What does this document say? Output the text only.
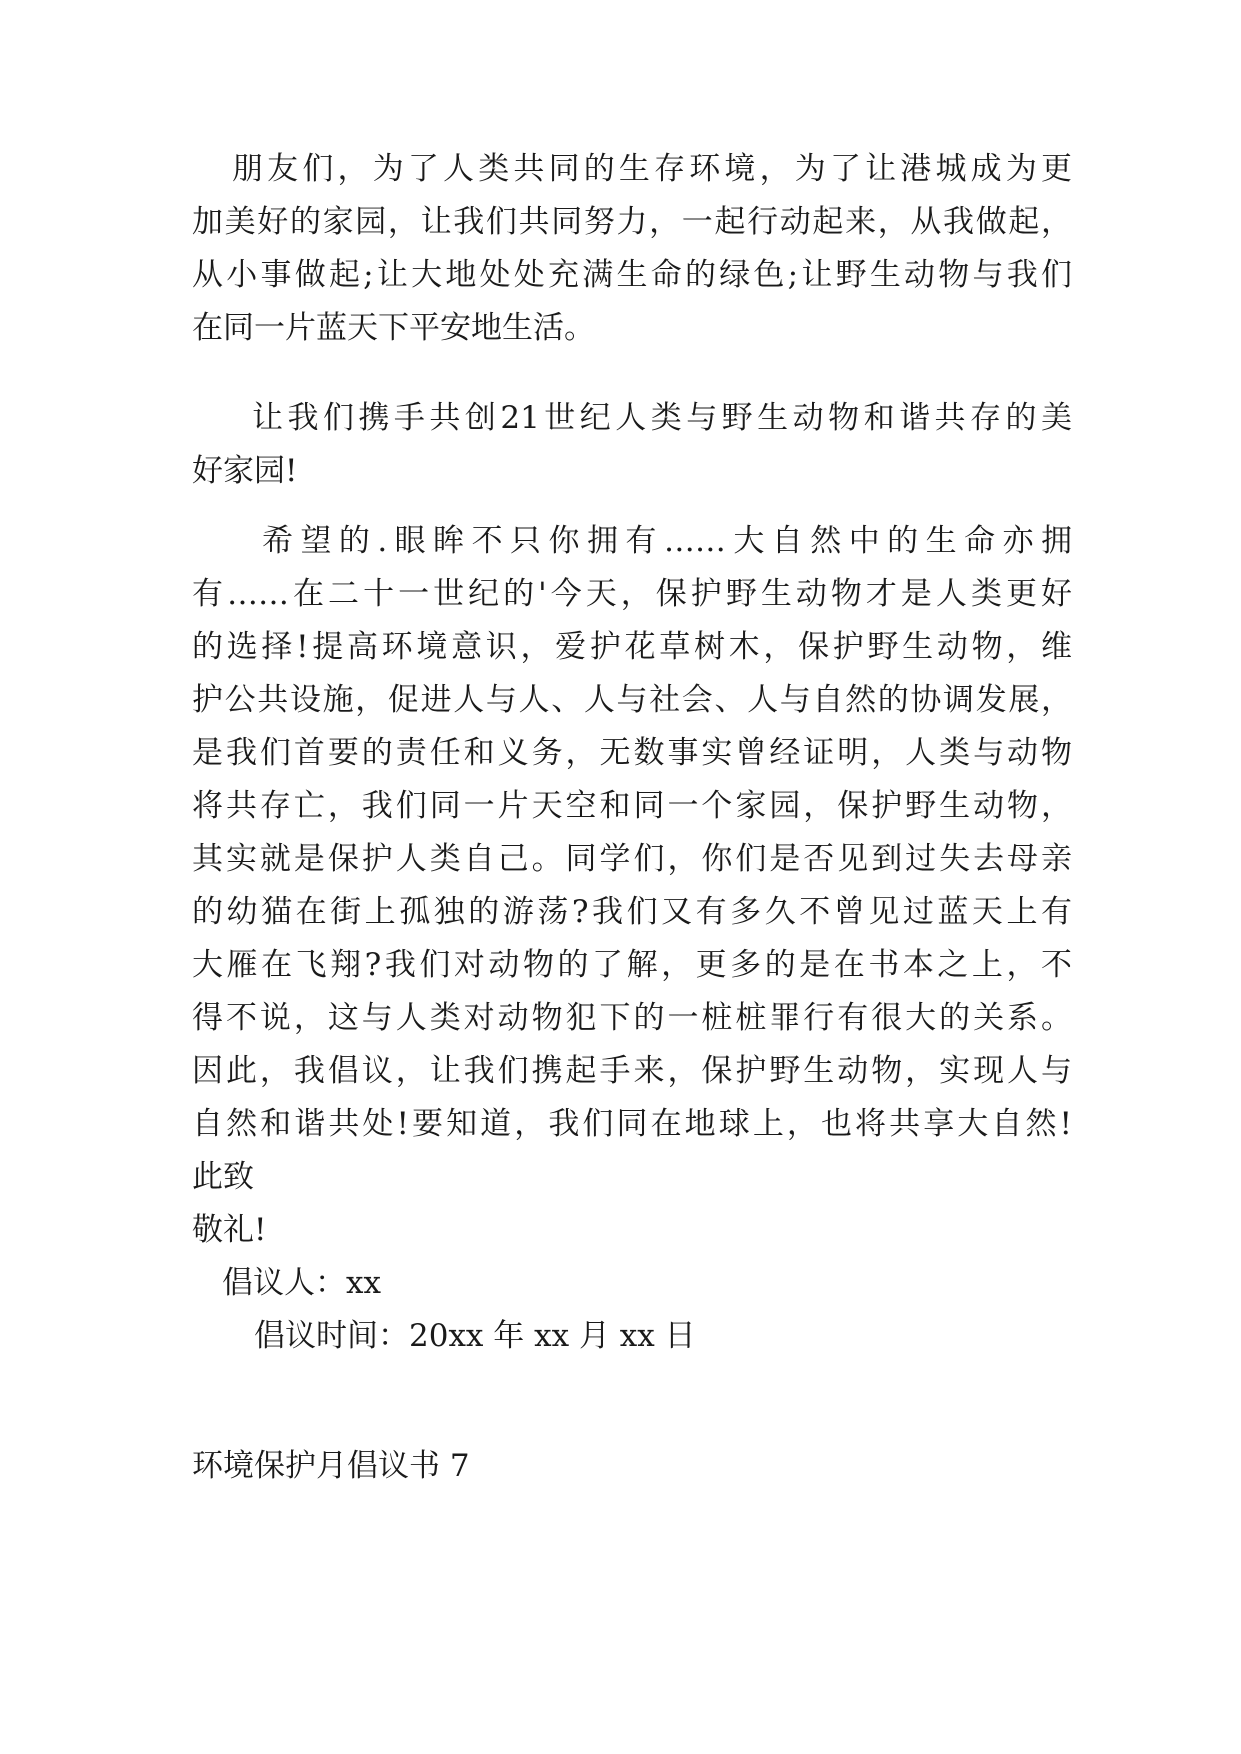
朋友们，为了人类共同的生存环境，为了让港城成为更
加美好的家园，让我们共同努力，一起行动起来，从我做起，
从小事做起;让大地处处充满生命的绿色;让野生动物与我们
在同一片蓝天下平安地生活。
让我们携手共创21世纪人类与野生动物和谐共存的美
好家园!
希望的.眼眸不只你拥有……大自然中的生命亦拥
有……在二十一世纪的'今天，保护野生动物才是人类更好
的选择!提高环境意识，爱护花草树木，保护野生动物，维
护公共设施，促进人与人、人与社会、人与自然的协调发展，
是我们首要的责任和义务，无数事实曾经证明，人类与动物
将共存亡，我们同一片天空和同一个家园，保护野生动物，
其实就是保护人类自己。同学们，你们是否见到过失去母亲
的幼猫在街上孤独的游荡?我们又有多久不曾见过蓝天上有
大雁在飞翔?我们对动物的了解，更多的是在书本之上，不
得不说，这与人类对动物犯下的一桩桩罪行有很大的关系。
因此，我倡议，让我们携起手来，保护野生动物，实现人与
自然和谐共处!要知道，我们同在地球上，也将共享大自然!
此致
敬礼!
倡议人：xx
倡议时间：20xx 年 xx 月 xx 日
环境保护月倡议书 7
